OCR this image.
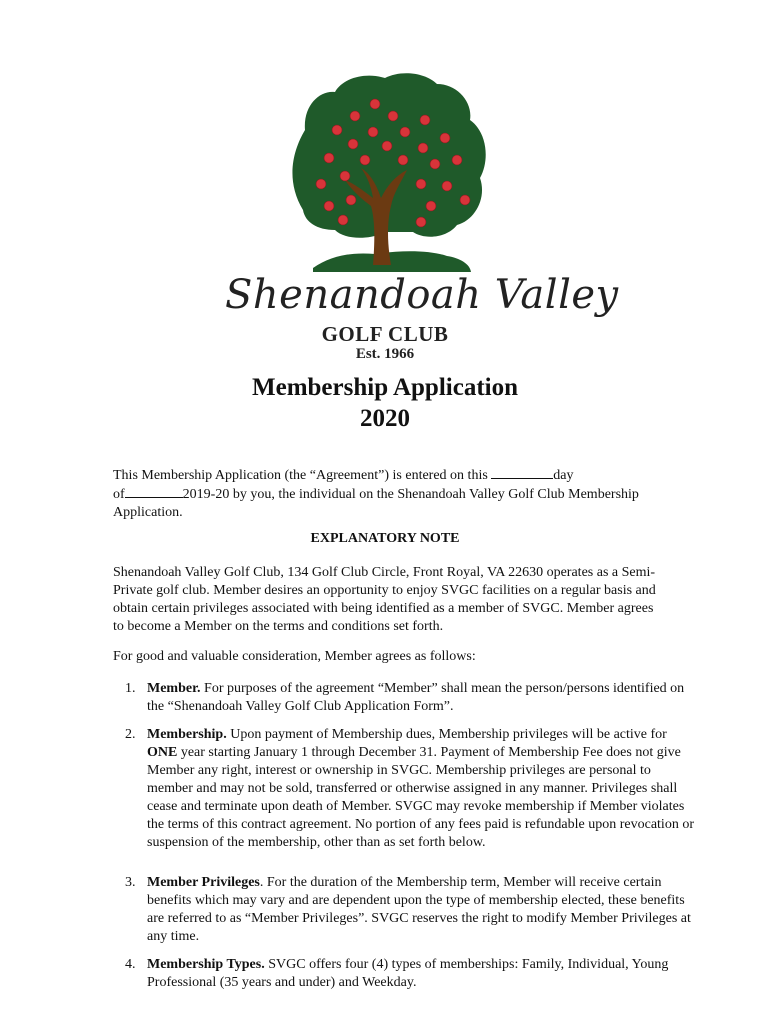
Shenandoah Valley
GOLF CLUB
Est. 1966
Membership Application
2020
This Membership Application (the “Agreement”) is entered on this	day
of	2019-20 by you, the individual on the Shenandoah Valley Golf Club Membership Application.
EXPLANATORY NOTE
Shenandoah Valley Golf Club, 134 Golf Club Circle, Front Royal, VA 22630 operates as a Semi-Private golf club. Member desires an opportunity to enjoy SVGC facilities on a regular basis and obtain certain privileges associated with being identified as a member of SVGC. Member agrees to become a Member on the terms and conditions set forth.
For good and valuable consideration, Member agrees as follows:
1. Member. For purposes of the agreement “Member” shall mean the person/persons identified on the “Shenandoah Valley Golf Club Application Form”.
2. Membership. Upon payment of Membership dues, Membership privileges will be active for ONE year starting January 1 through December 31. Payment of Membership Fee does not give Member any right, interest or ownership in SVGC. Membership privileges are personal to member and may not be sold, transferred or otherwise assigned in any manner. Privileges shall cease and terminate upon death of Member. SVGC may revoke membership if Member violates the terms of this contract agreement. No portion of any fees paid is refundable upon revocation or suspension of the membership, other than as set forth below.
3. Member Privileges. For the duration of the Membership term, Member will receive certain benefits which may vary and are dependent upon the type of membership elected, these benefits are referred to as “Member Privileges”. SVGC reserves the right to modify Member Privileges at any time.
4. Membership Types. SVGC offers four (4) types of memberships: Family, Individual, Young Professional (35 years and under) and Weekday.
